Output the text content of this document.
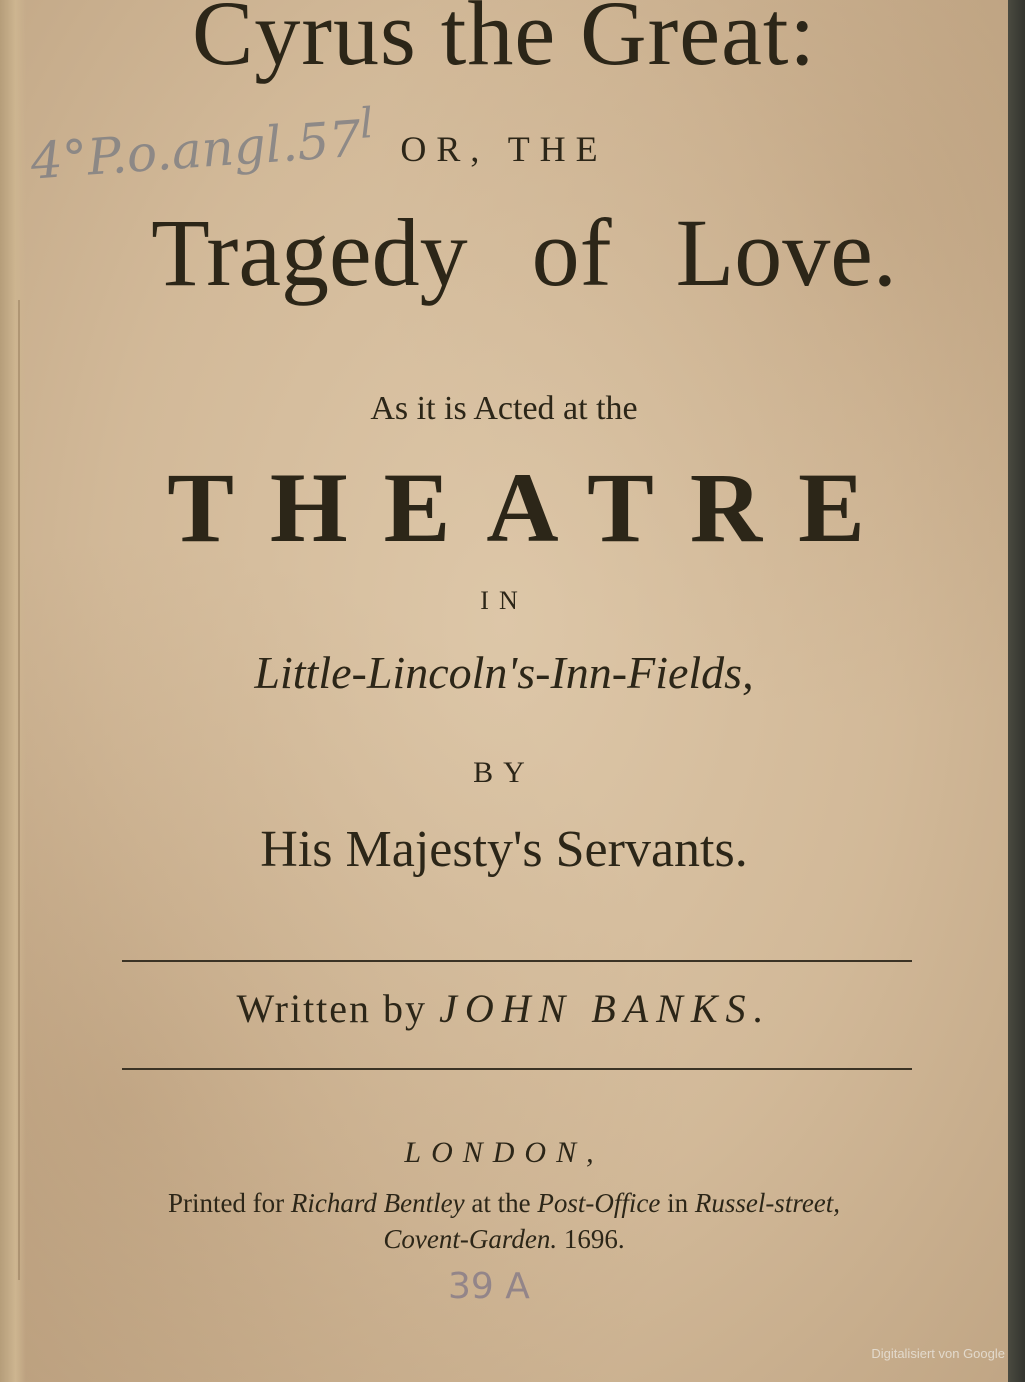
4°P.o.angl.57$^l$
Cyrus the Great:
OR, THE
Tragedy of Love.
As it is Acted at the
THEATRE
IN
Little-Lincoln's-Inn-Fields,
BY
His Majesty's Servants.
Written by JOHN BANKS.
LONDON,
Printed for Richard Bentley at the Post-Office in Russel-street,
Covent-Garden. 1696.
39 A
Digitalisiert von Google
